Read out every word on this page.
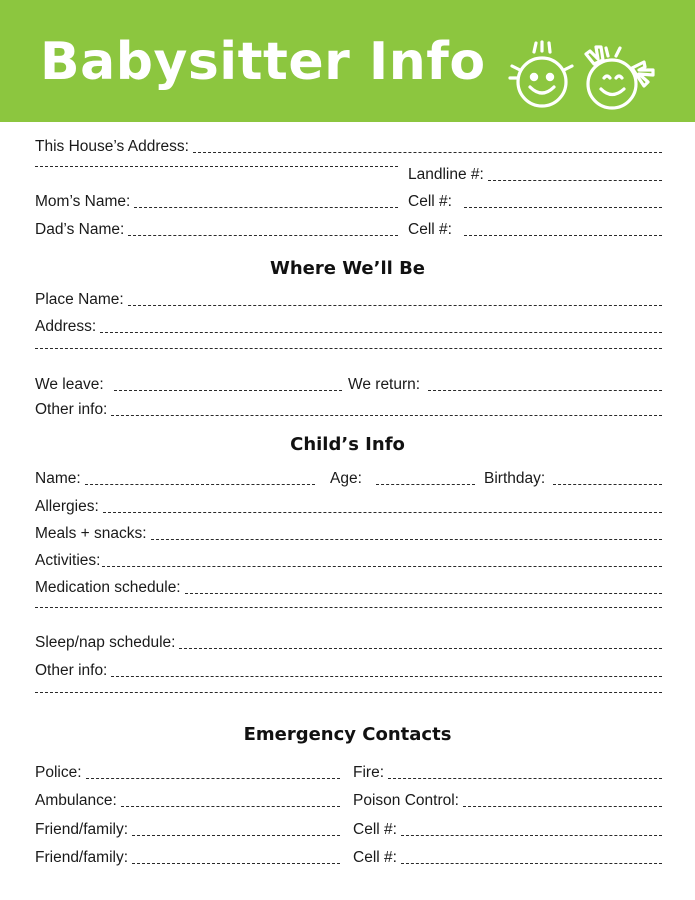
Babysitter Info
This House’s Address:
Landline #:
Mom’s Name:	Cell #:
Dad’s Name:	Cell #:
Where We’ll Be
Place Name:
Address:
We leave:	We return:
Other info:
Child’s Info
Name:	Age:	Birthday:
Allergies:
Meals + snacks:
Activities:
Medication schedule:
Sleep/nap schedule:
Other info:
Emergency Contacts
Police:	Fire:
Ambulance:	Poison Control:
Friend/family:	Cell #:
Friend/family:	Cell #:
